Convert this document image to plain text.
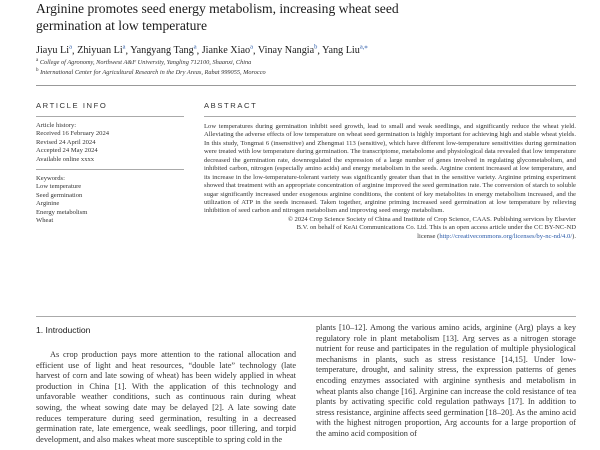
Arginine promotes seed energy metabolism, increasing wheat seed
germination at low temperature
Jiayu Li$^a$, Zhiyuan Li$^a$, Yangyang Tang$^a$, Jianke Xiao$^a$, Vinay Nangia$^b$, Yang Liu$^{a,⁎}$
$^a$ College of Agronomy, Northwest A&F University, Yangling 712100, Shaanxi, China
$^b$ International Center for Agricultural Research in the Dry Areas, Rabat 999055, Morocco
ARTICLE INFO	ABSTRACT
Article history:
Received 16 February 2024
Revised 24 April 2024
Accepted 24 May 2024
Available online xxxx
Keywords:
Low temperature
Seed germination
Arginine
Energy metabolism
Wheat

Low temperatures during germination inhibit seed growth, lead to small and weak seedlings, and significantly reduce the wheat yield. Alleviating the adverse effects of low temperature on wheat seed germination is highly important for achieving high and stable wheat yields. In this study, Tongmai 6 (insensitive) and Zhengmai 113 (sensitive), which have different low-temperature sensitivities during germination were treated with low temperature during germination. The transcriptome, metabolome and physiological data revealed that low temperature decreased the germination rate, downregulated the expression of a large number of genes involved in regulating glycometabolism, and inhibited carbon, nitrogen (especially amino acids) and energy metabolism in the seeds. Arginine content increased at low temperature, and its increase in the low-temperature-tolerant variety was significantly greater than that in the sensitive variety. Arginine priming experiment showed that treatment with an appropriate concentration of arginine improved the seed germination rate. The conversion of starch to soluble sugar significantly increased under exogenous arginine conditions, the content of key metabolites in energy metabolism increased, and the utilization of ATP in the seeds increased. Taken together, arginine priming increased seed germination at low temperature by relieving inhibition of seed carbon and nitrogen metabolism and improving seed energy metabolism.

© 2024 Crop Science Society of China and Institute of Crop Science, CAAS. Publishing services by Elsevier
B.V. on behalf of KeAi Communications Co. Ltd. This is an open access article under the CC BY-NC-ND
license (http://creativecommons.org/licenses/by-nc-nd/4.0/).
1. Introduction

As crop production pays more attention to the rational allocation and efficient use of light and heat resources, “double late” technology (late harvest of corn and late sowing of wheat) has been widely applied in wheat production in China [1]. With the application of this technology and unfavorable weather conditions, such as continuous rain during wheat sowing, the wheat sowing date may be delayed [2]. A late sowing date reduces temperature during seed germination, resulting in a decreased germination rate, late emergence, weak seedlings, poor tillering, and torpid development, and also makes wheat more susceptible to spring cold in the

plants [10–12]. Among the various amino acids, arginine (Arg) plays a key regulatory role in plant metabolism [13]. Arg serves as a nitrogen storage nutrient for reuse and participates in the regulation of multiple physiological mechanisms in plants, such as stress resistance [14,15]. Under low-temperature, drought, and salinity stress, the expression patterns of genes encoding enzymes associated with arginine synthesis and metabolism in wheat plants also change [16]. Arginine can increase the cold resistance of tea plants by activating specific cold regulation pathways [17]. In addition to stress resistance, arginine affects seed germination [18–20]. As the amino acid with the highest nitrogen proportion, Arg accounts for a large proportion of the amino acid composition of
